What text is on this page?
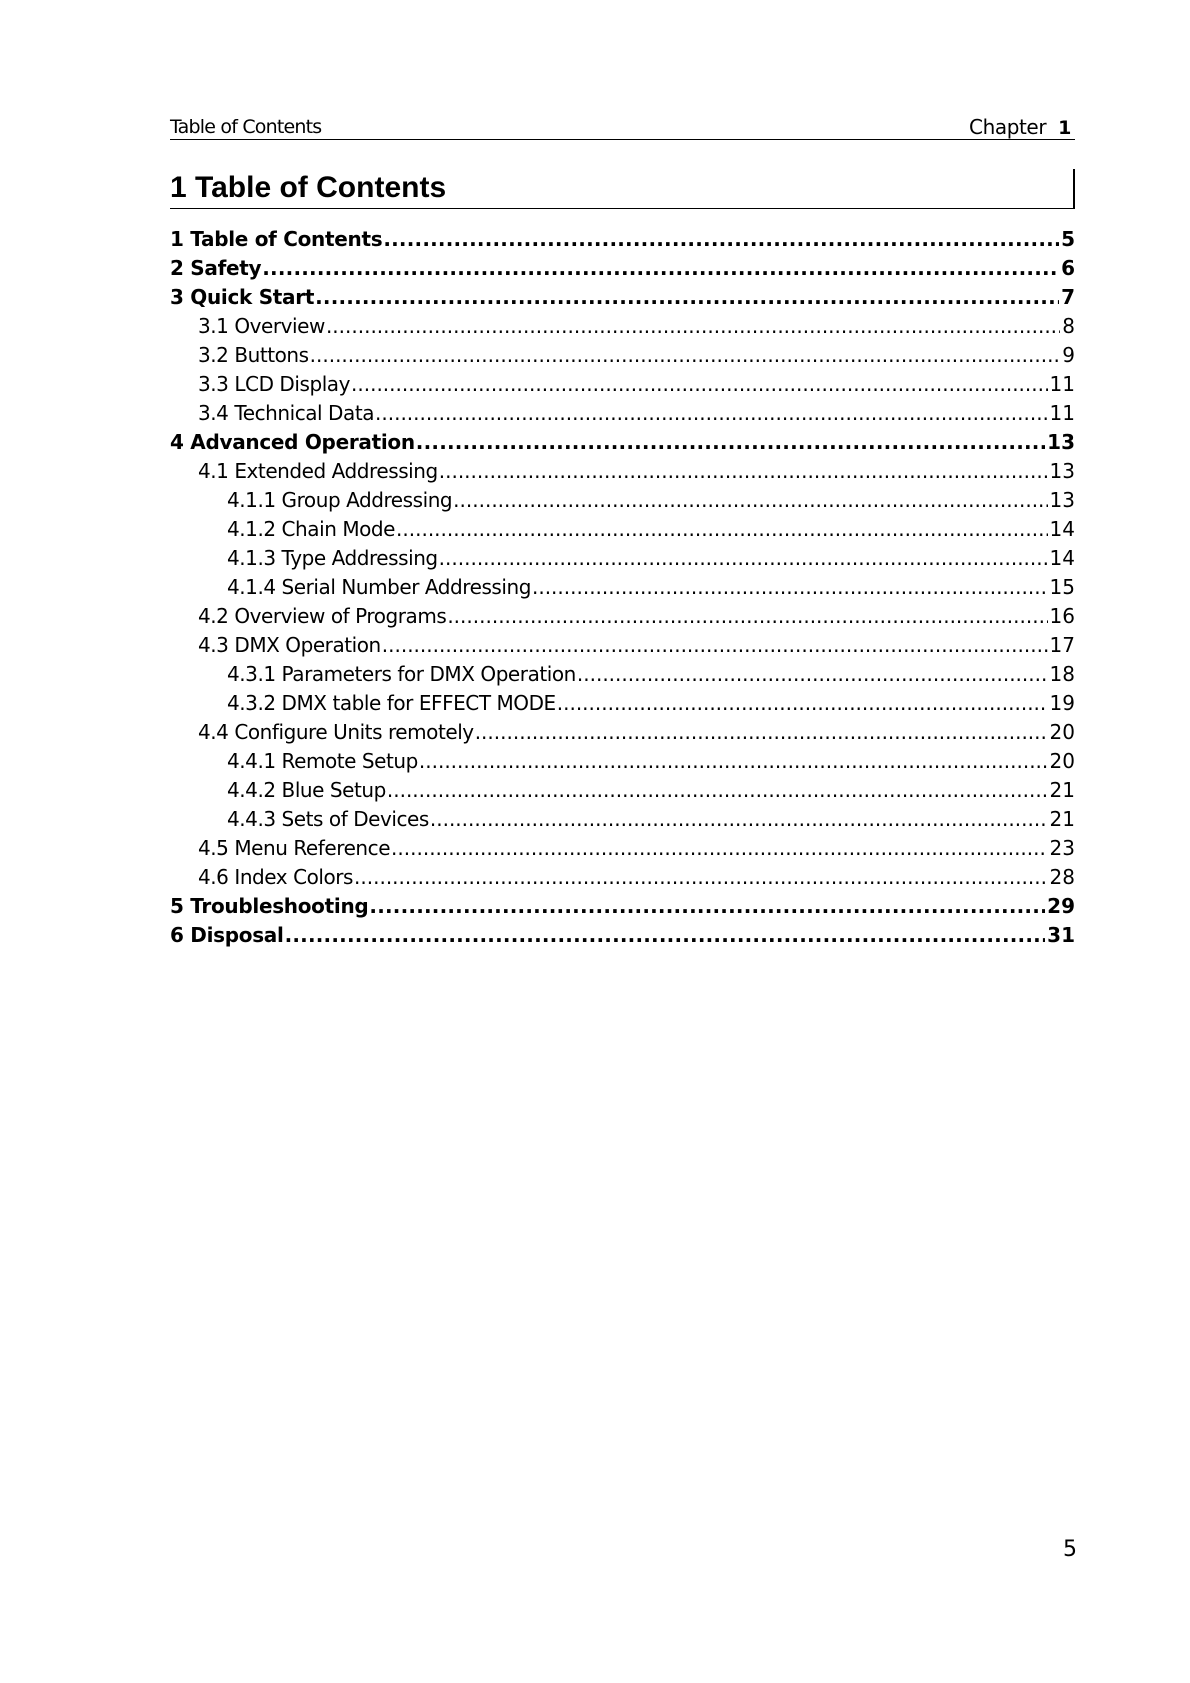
Table of Contents	Chapter 1
1 Table of Contents
1 Table of Contents .....	5
2 Safety .....	6
3 Quick Start .....	7
3.1 Overview .....	8
3.2 Buttons .....	9
3.3 LCD Display .....	11
3.4 Technical Data .....	11
4 Advanced Operation .....	13
4.1 Extended Addressing .....	13
4.1.1 Group Addressing .....	13
4.1.2 Chain Mode .....	14
4.1.3 Type Addressing .....	14
4.1.4 Serial Number Addressing .....	15
4.2 Overview of Programs .....	16
4.3 DMX Operation .....	17
4.3.1 Parameters for DMX Operation .....	18
4.3.2 DMX table for EFFECT MODE .....	19
4.4 Configure Units remotely .....	20
4.4.1 Remote Setup .....	20
4.4.2 Blue Setup .....	21
4.4.3 Sets of Devices .....	21
4.5 Menu Reference .....	23
4.6 Index Colors .....	28
5 Troubleshooting .....	29
6 Disposal .....	31
5
